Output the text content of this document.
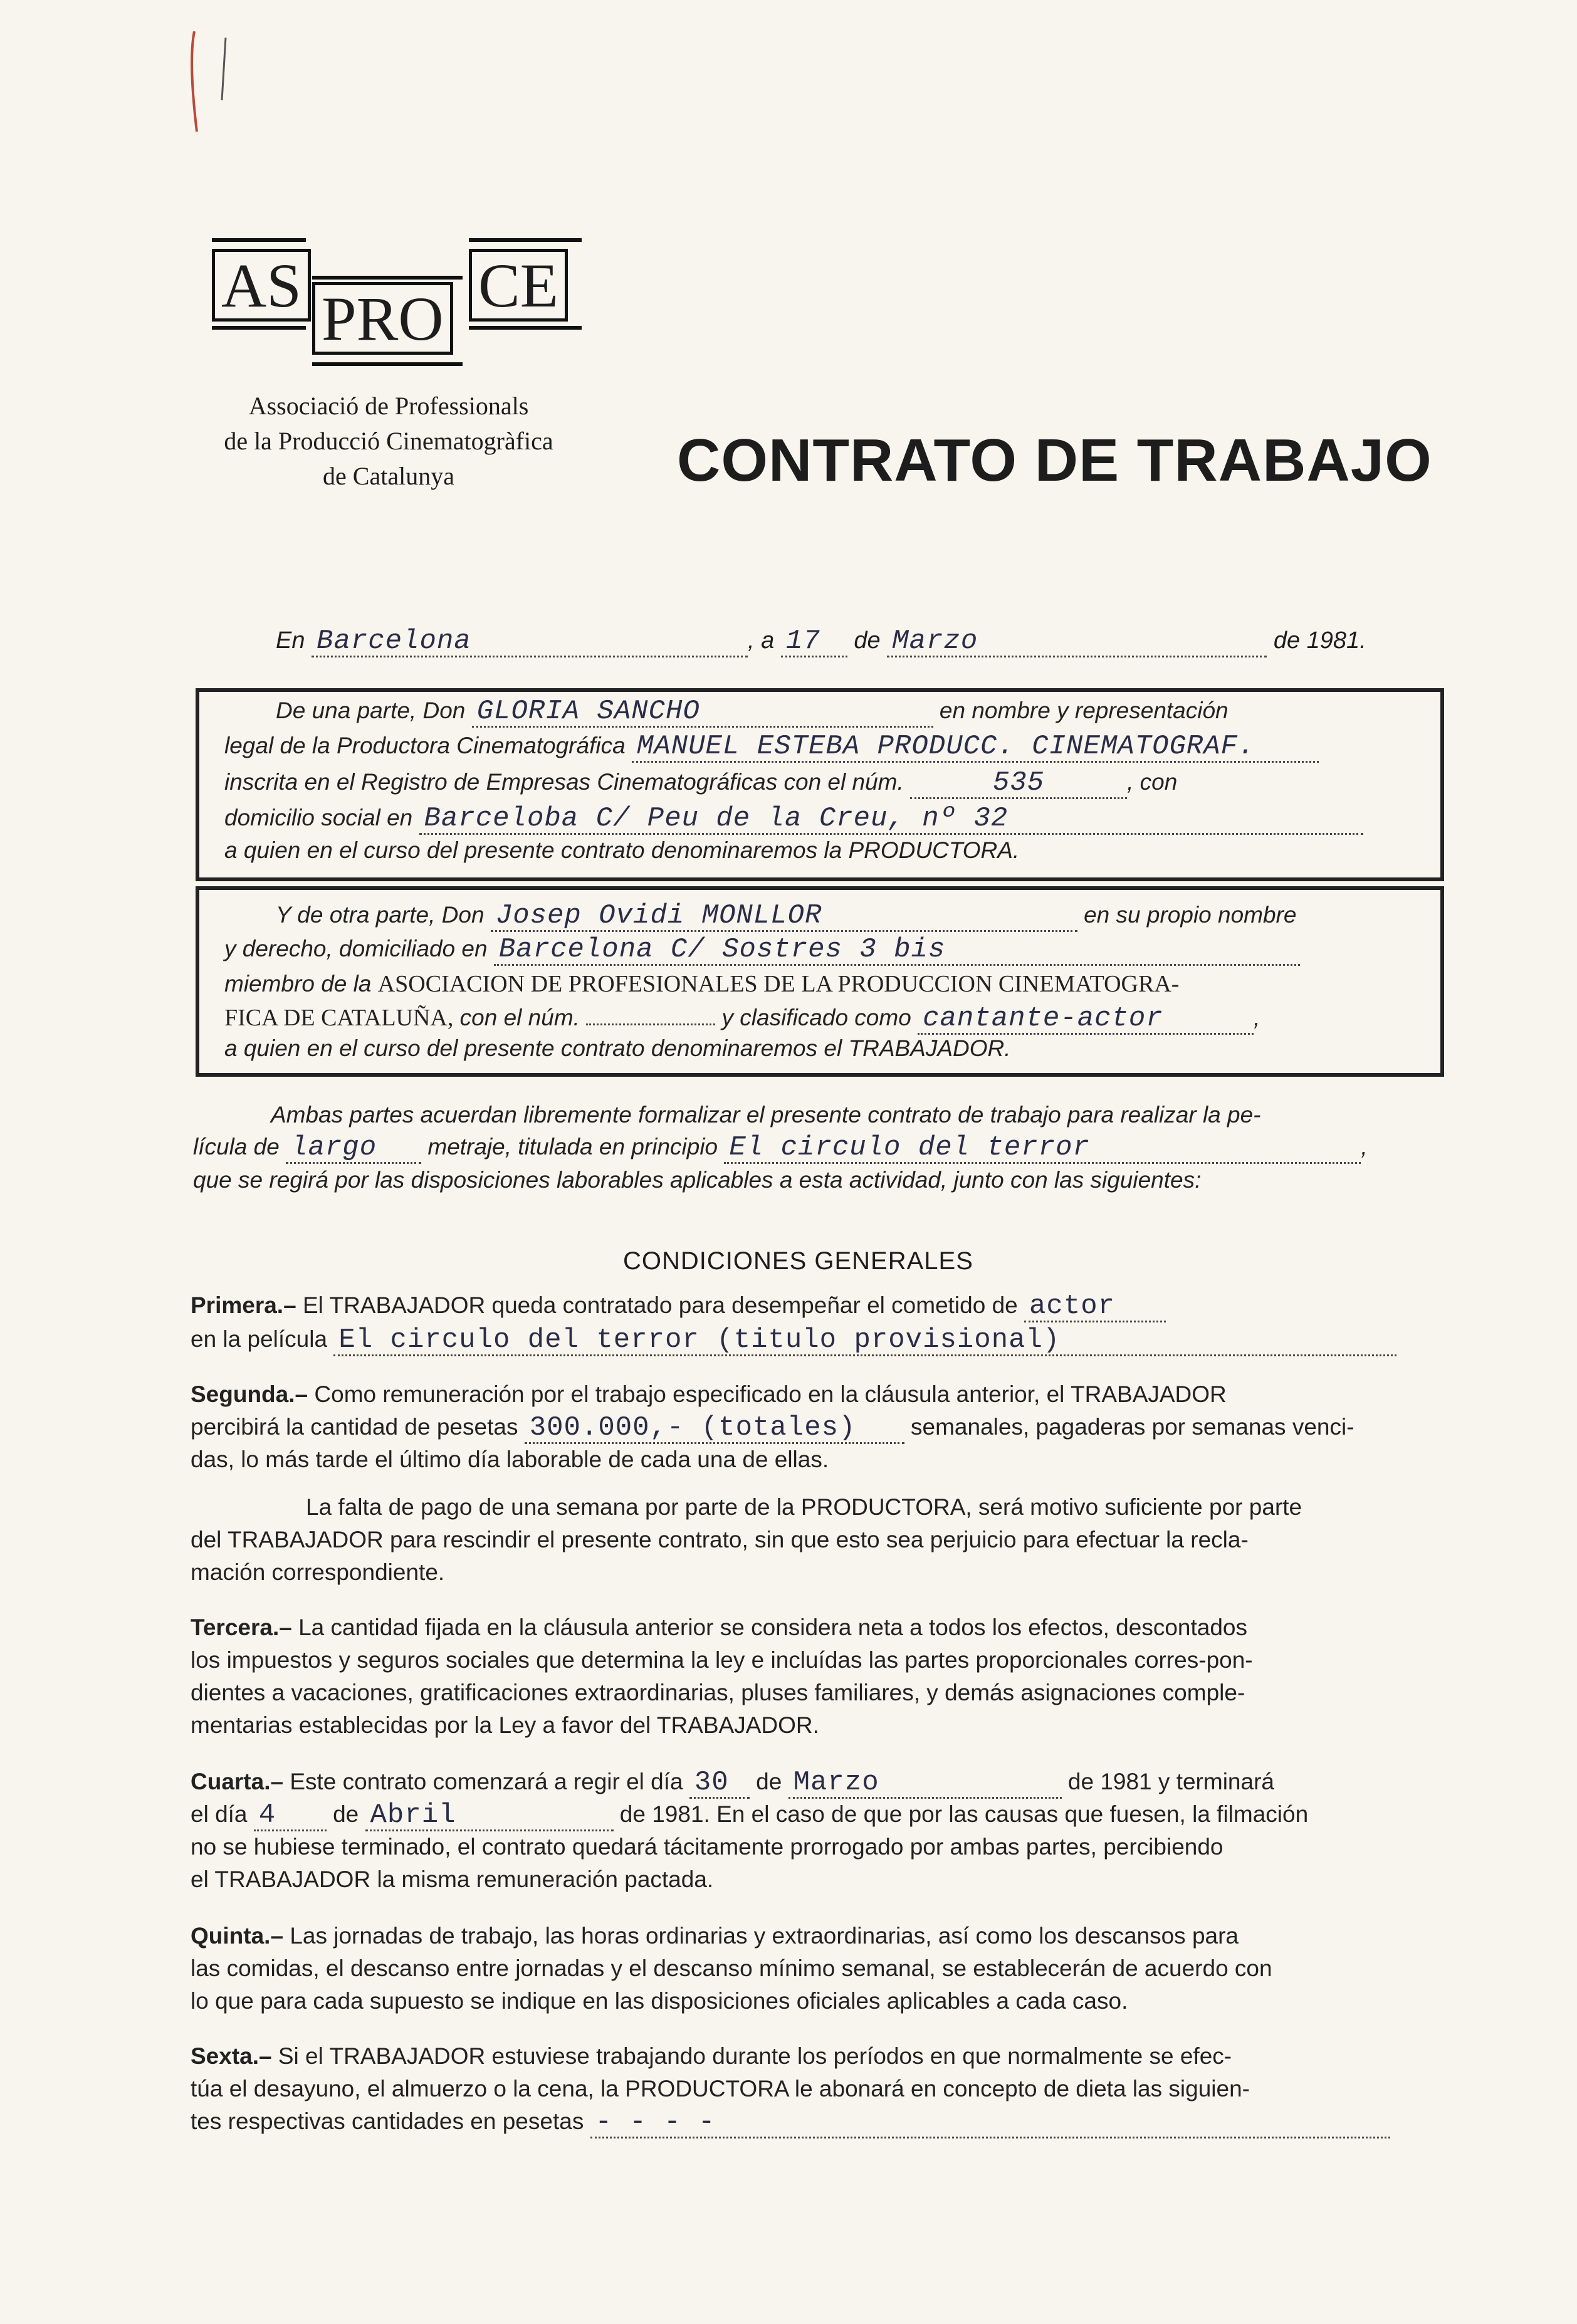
AS PRO CE
Associació de Professionals
de la Producció Cinematogràfica
de Catalunya	CONTRATO DE TRABAJO
En Barcelona	, a 17 de Marzo	de 1981.
De una parte, Don GLORIA SANCHO	en nombre y representación
legal de la Productora Cinematográfica MANUEL ESTEBA PRODUCC. CINEMATOGRAF.
inscrita en el Registro de Empresas Cinematográficas con el núm.	535	, con
domicilio social en Barceloba C/ Peu de la Creu, nº 32
a quien en el curso del presente contrato denominaremos la PRODUCTORA.
Y de otra parte, Don Josep Ovidi MONLLOR	en su propio nombre
y derecho, domiciliado en Barcelona C/ Sostres 3 bis
miembro de la ASOCIACION DE PROFESIONALES DE LA PRODUCCION CINEMATOGRA-
FICA DE CATALUÑA, con el núm.	y clasificado como cantante-actor	,
a quien en el curso del presente contrato denominaremos el TRABAJADOR.
Ambas partes acuerdan libremente formalizar el presente contrato de trabajo para realizar la pe-
lícula de largo metraje, titulada en principio El circulo del terror	,
que se regirá por las disposiciones laborables aplicables a esta actividad, junto con las siguientes:
CONDICIONES GENERALES
Primera.– El TRABAJADOR queda contratado para desempeñar el cometido de actor
en la película El circulo del terror (titulo provisional)
Segunda.– Como remuneración por el trabajo especificado en la cláusula anterior, el TRABAJADOR
percibirá la cantidad de pesetas 300.000,- (totales) semanales, pagaderas por semanas venci-
das, lo más tarde el último día laborable de cada una de ellas.
La falta de pago de una semana por parte de la PRODUCTORA, será motivo suficiente por parte
del TRABAJADOR para rescindir el presente contrato, sin que esto sea perjuicio para efectuar la recla-
mación correspondiente.
Tercera.– La cantidad fijada en la cláusula anterior se considera neta a todos los efectos, descontados
los impuestos y seguros sociales que determina la ley e incluídas las partes proporcionales corres-pon-
dientes a vacaciones, gratificaciones extraordinarias, pluses familiares, y demás asignaciones comple-
mentarias establecidas por la Ley a favor del TRABAJADOR.
Cuarta.– Este contrato comenzará a regir el día 30 de Marzo	de 1981 y terminará
el día 4 de Abril	de 1981. En el caso de que por las causas que fuesen, la filmación
no se hubiese terminado, el contrato quedará tácitamente prorrogado por ambas partes, percibiendo
el TRABAJADOR la misma remuneración pactada.
Quinta.– Las jornadas de trabajo, las horas ordinarias y extraordinarias, así como los descansos para
las comidas, el descanso entre jornadas y el descanso mínimo semanal, se establecerán de acuerdo con
lo que para cada supuesto se indique en las disposiciones oficiales aplicables a cada caso.
Sexta.– Si el TRABAJADOR estuviese trabajando durante los períodos en que normalmente se efec-
túa el desayuno, el almuerzo o la cena, la PRODUCTORA le abonará en concepto de dieta las siguien-
tes respectivas cantidades en pesetas - - - -
